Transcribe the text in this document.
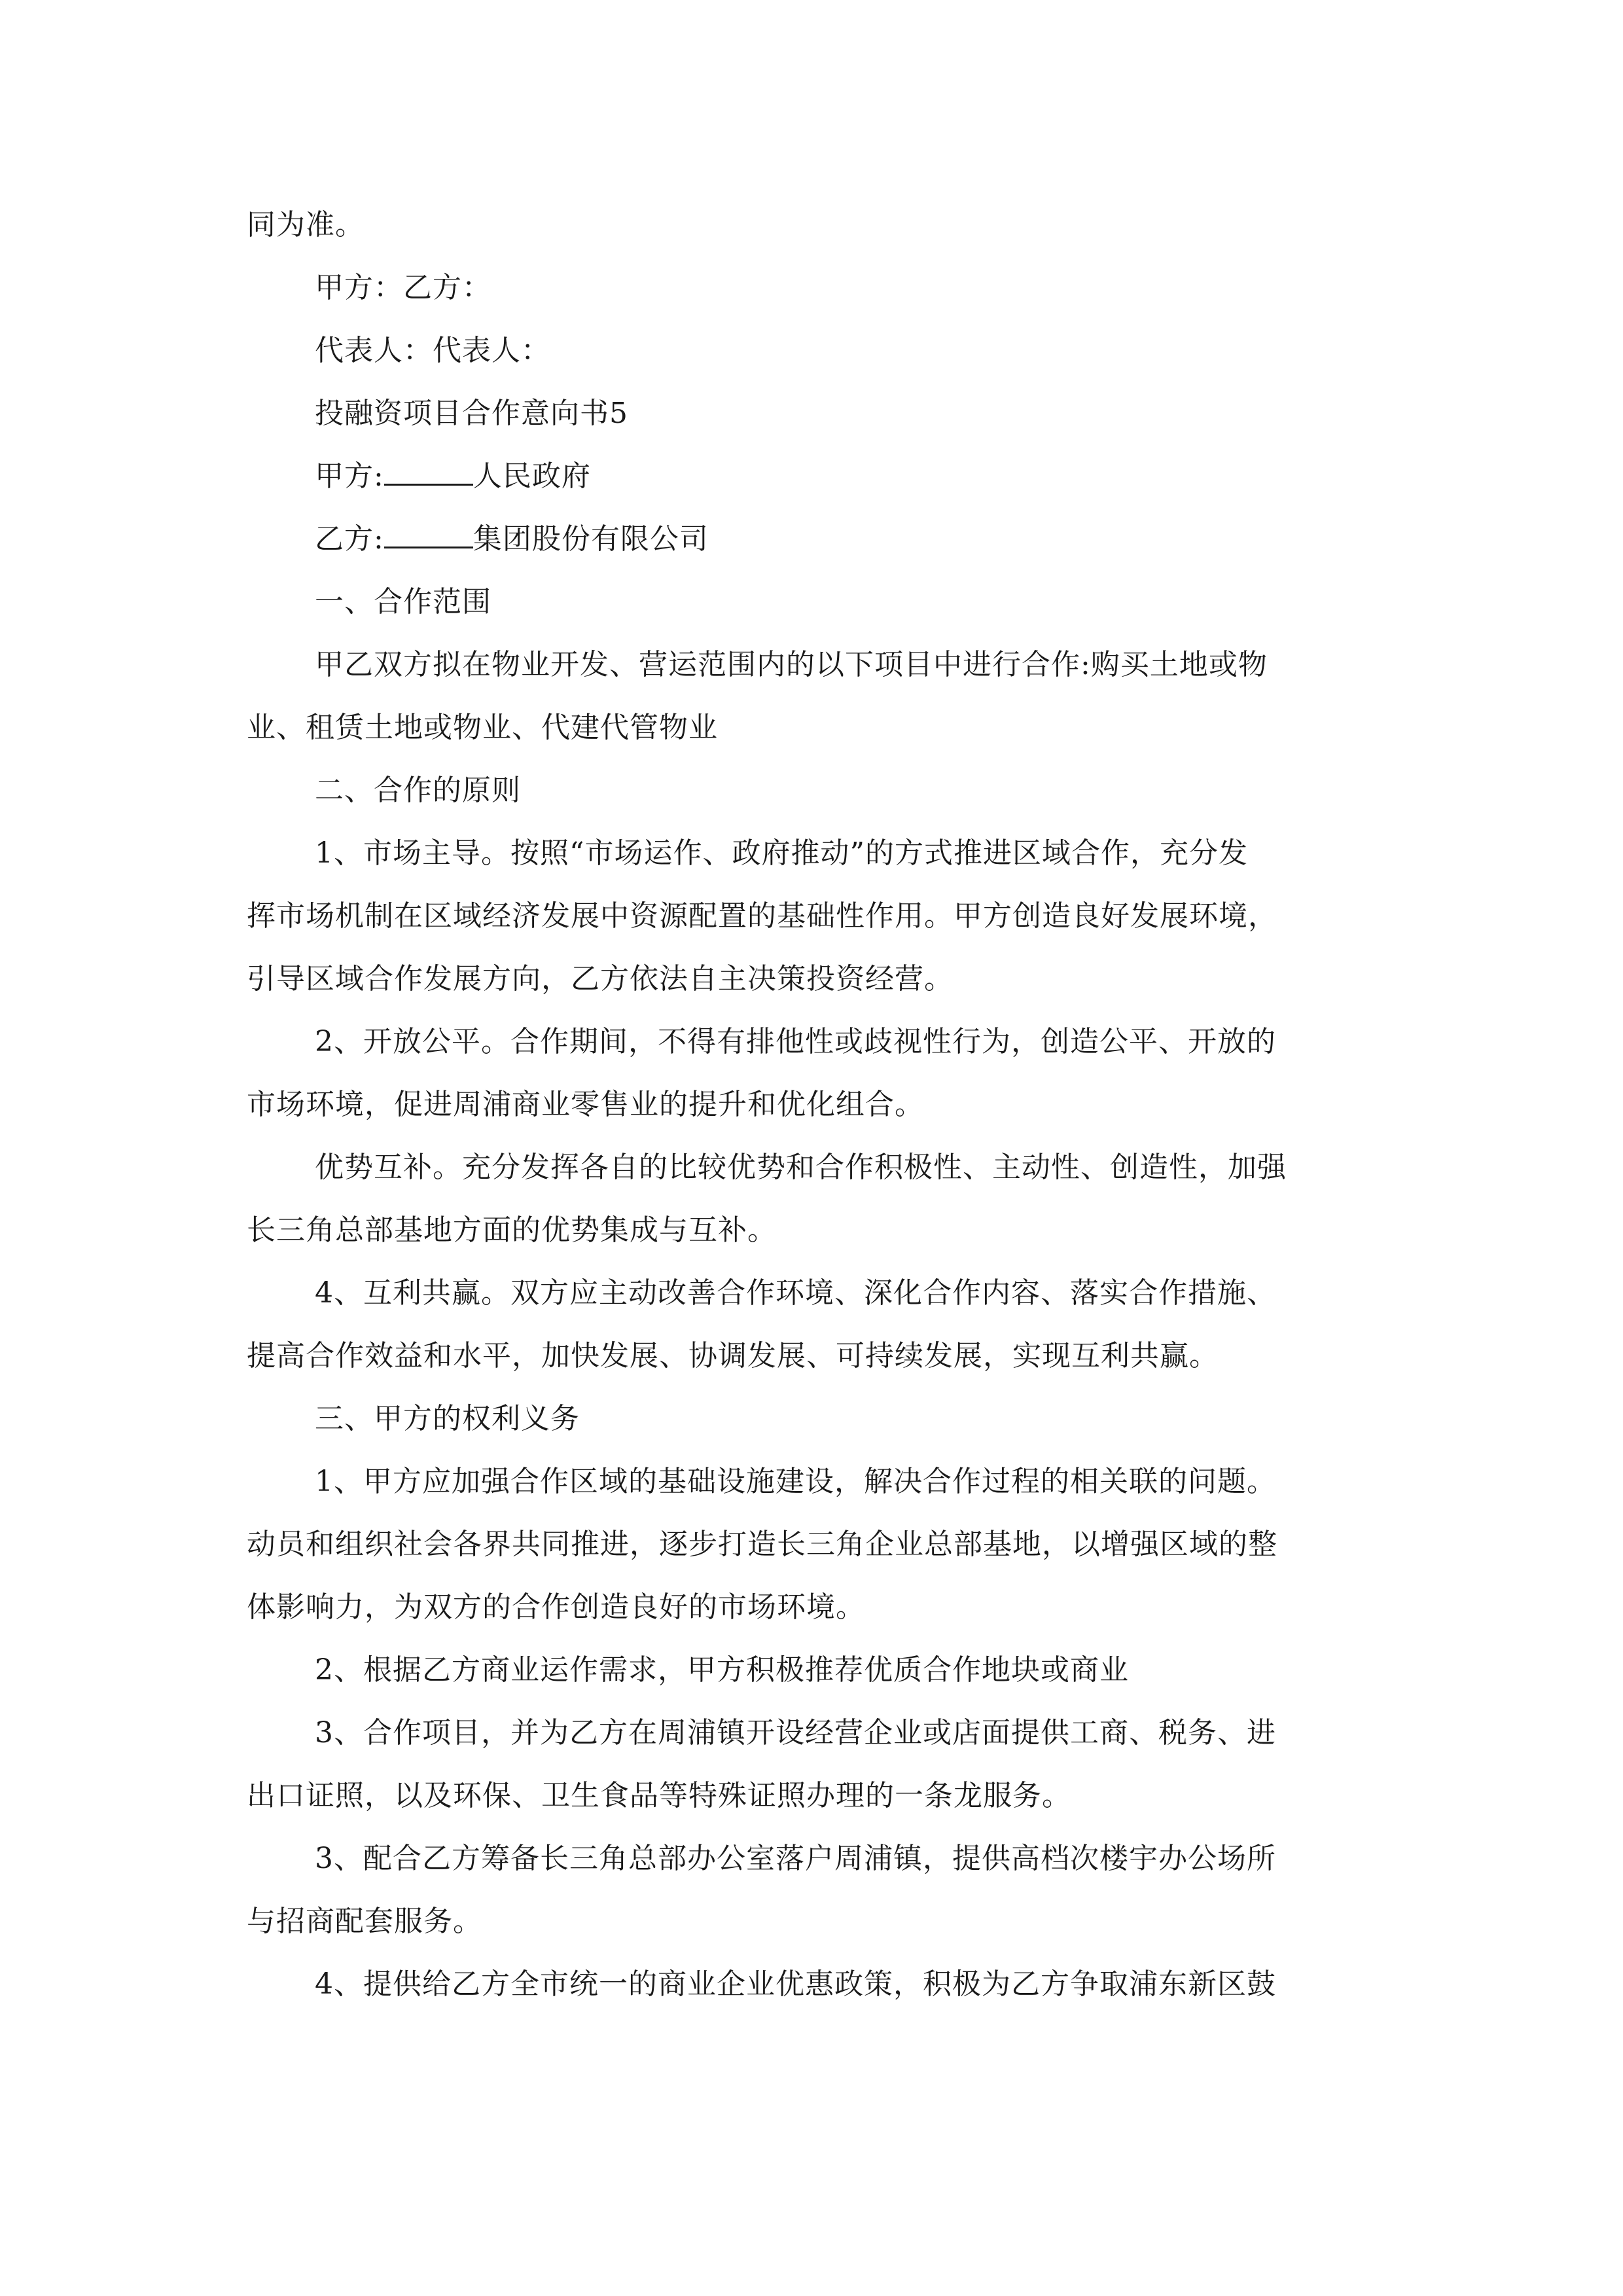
同为准。
甲方：乙方：
代表人：代表人：
投融资项目合作意向书5
甲方:	人民政府
乙方:	集团股份有限公司
一、合作范围
甲乙双方拟在物业开发、营运范围内的以下项目中进行合作:购买土地或物
业、租赁土地或物业、代建代管物业
二、合作的原则
1、市场主导。按照“市场运作、政府推动”的方式推进区域合作，充分发
挥市场机制在区域经济发展中资源配置的基础性作用。甲方创造良好发展环境，
引导区域合作发展方向，乙方依法自主决策投资经营。
2、开放公平。合作期间，不得有排他性或歧视性行为，创造公平、开放的
市场环境，促进周浦商业零售业的提升和优化组合。
优势互补。充分发挥各自的比较优势和合作积极性、主动性、创造性，加强
长三角总部基地方面的优势集成与互补。
4、互利共赢。双方应主动改善合作环境、深化合作内容、落实合作措施、
提高合作效益和水平，加快发展、协调发展、可持续发展，实现互利共赢。
三、甲方的权利义务
1、甲方应加强合作区域的基础设施建设，解决合作过程的相关联的问题。
动员和组织社会各界共同推进，逐步打造长三角企业总部基地，以增强区域的整
体影响力，为双方的合作创造良好的市场环境。
2、根据乙方商业运作需求，甲方积极推荐优质合作地块或商业
3、合作项目，并为乙方在周浦镇开设经营企业或店面提供工商、税务、进
出口证照，以及环保、卫生食品等特殊证照办理的一条龙服务。
3、配合乙方筹备长三角总部办公室落户周浦镇，提供高档次楼宇办公场所
与招商配套服务。
4、提供给乙方全市统一的商业企业优惠政策，积极为乙方争取浦东新区鼓
